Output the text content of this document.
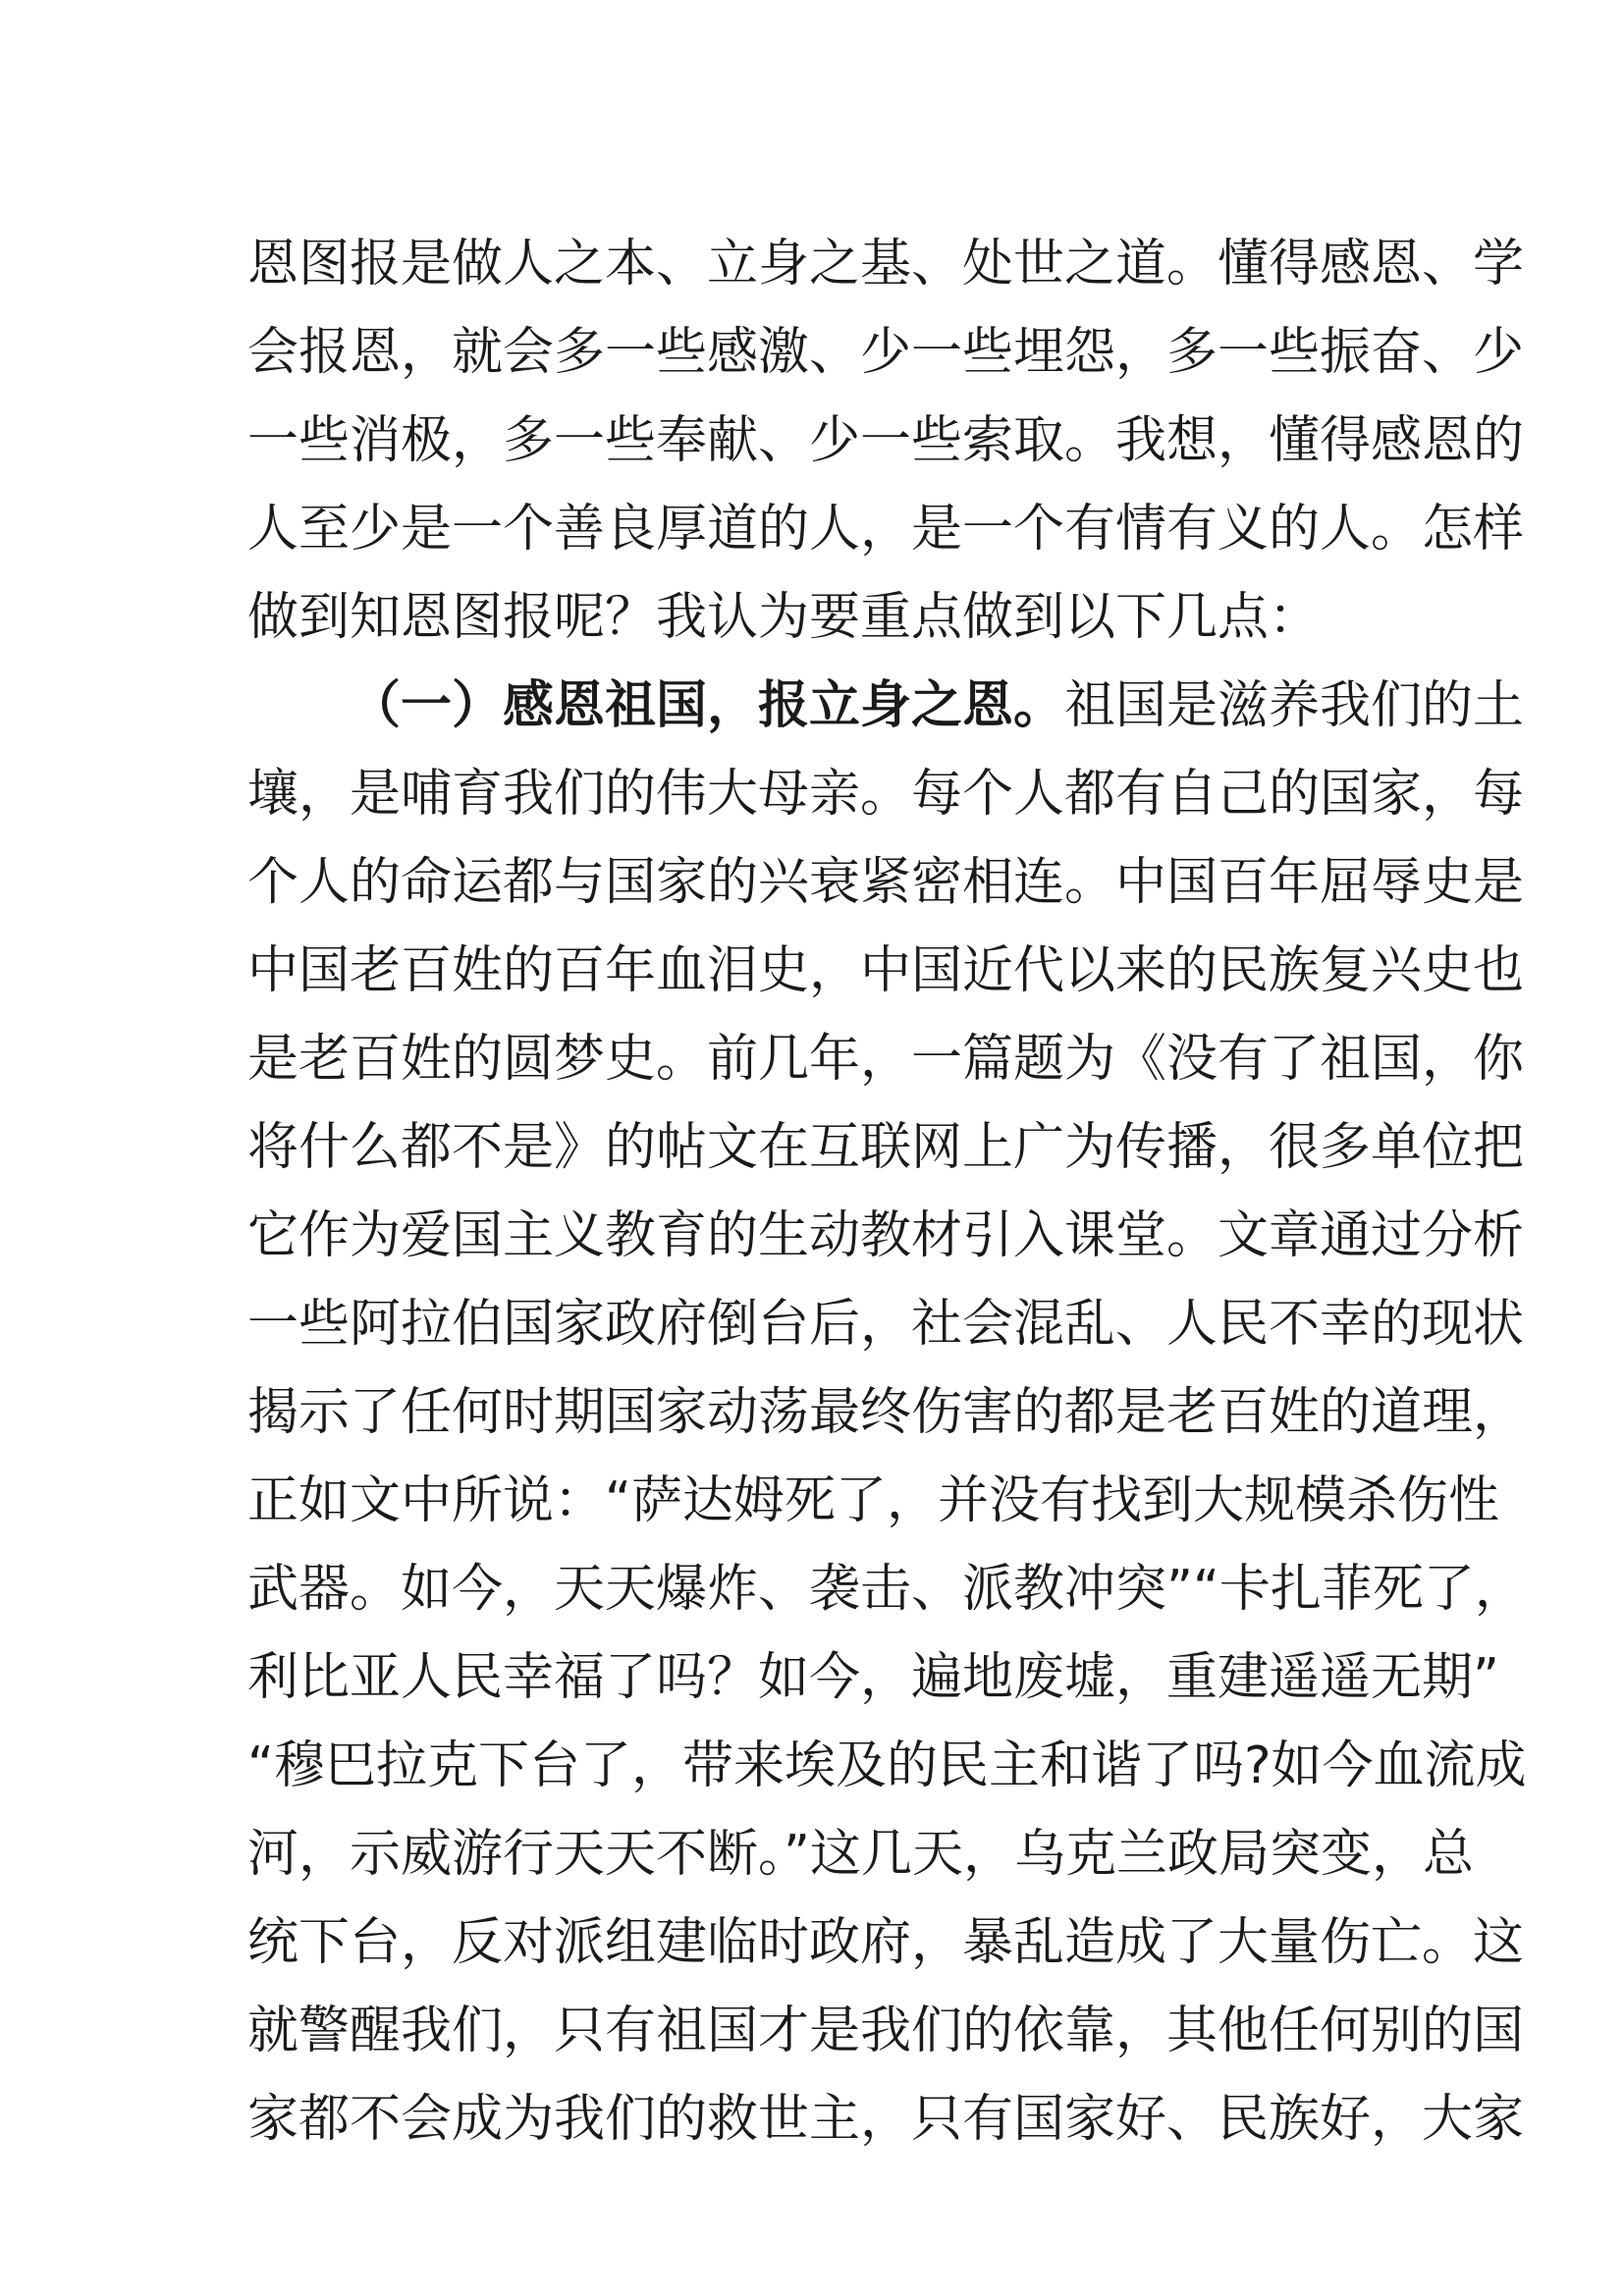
恩图报是做人之本、立身之基、处世之道。懂得感恩、学
会报恩，就会多一些感激、少一些埋怨，多一些振奋、少
一些消极，多一些奉献、少一些索取。我想，懂得感恩的
人至少是一个善良厚道的人，是一个有情有义的人。怎样
做到知恩图报呢？我认为要重点做到以下几点：
（一）感恩祖国，报立身之恩。祖国是滋养我们的土
壤，是哺育我们的伟大母亲。每个人都有自己的国家，每
个人的命运都与国家的兴衰紧密相连。中国百年屈辱史是
中国老百姓的百年血泪史，中国近代以来的民族复兴史也
是老百姓的圆梦史。前几年，一篇题为《没有了祖国，你
将什么都不是》的帖文在互联网上广为传播，很多单位把
它作为爱国主义教育的生动教材引入课堂。文章通过分析
一些阿拉伯国家政府倒台后，社会混乱、人民不幸的现状
揭示了任何时期国家动荡最终伤害的都是老百姓的道理，
正如文中所说：“萨达姆死了，并没有找到大规模杀伤性
武器。如今，天天爆炸、袭击、派教冲突”“卡扎菲死了，
利比亚人民幸福了吗？如今，遍地废墟，重建遥遥无期”
“穆巴拉克下台了，带来埃及的民主和谐了吗?如今血流成
河，示威游行天天不断。”这几天，乌克兰政局突变，总
统下台，反对派组建临时政府，暴乱造成了大量伤亡。这
就警醒我们，只有祖国才是我们的依靠，其他任何别的国
家都不会成为我们的救世主，只有国家好、民族好，大家
